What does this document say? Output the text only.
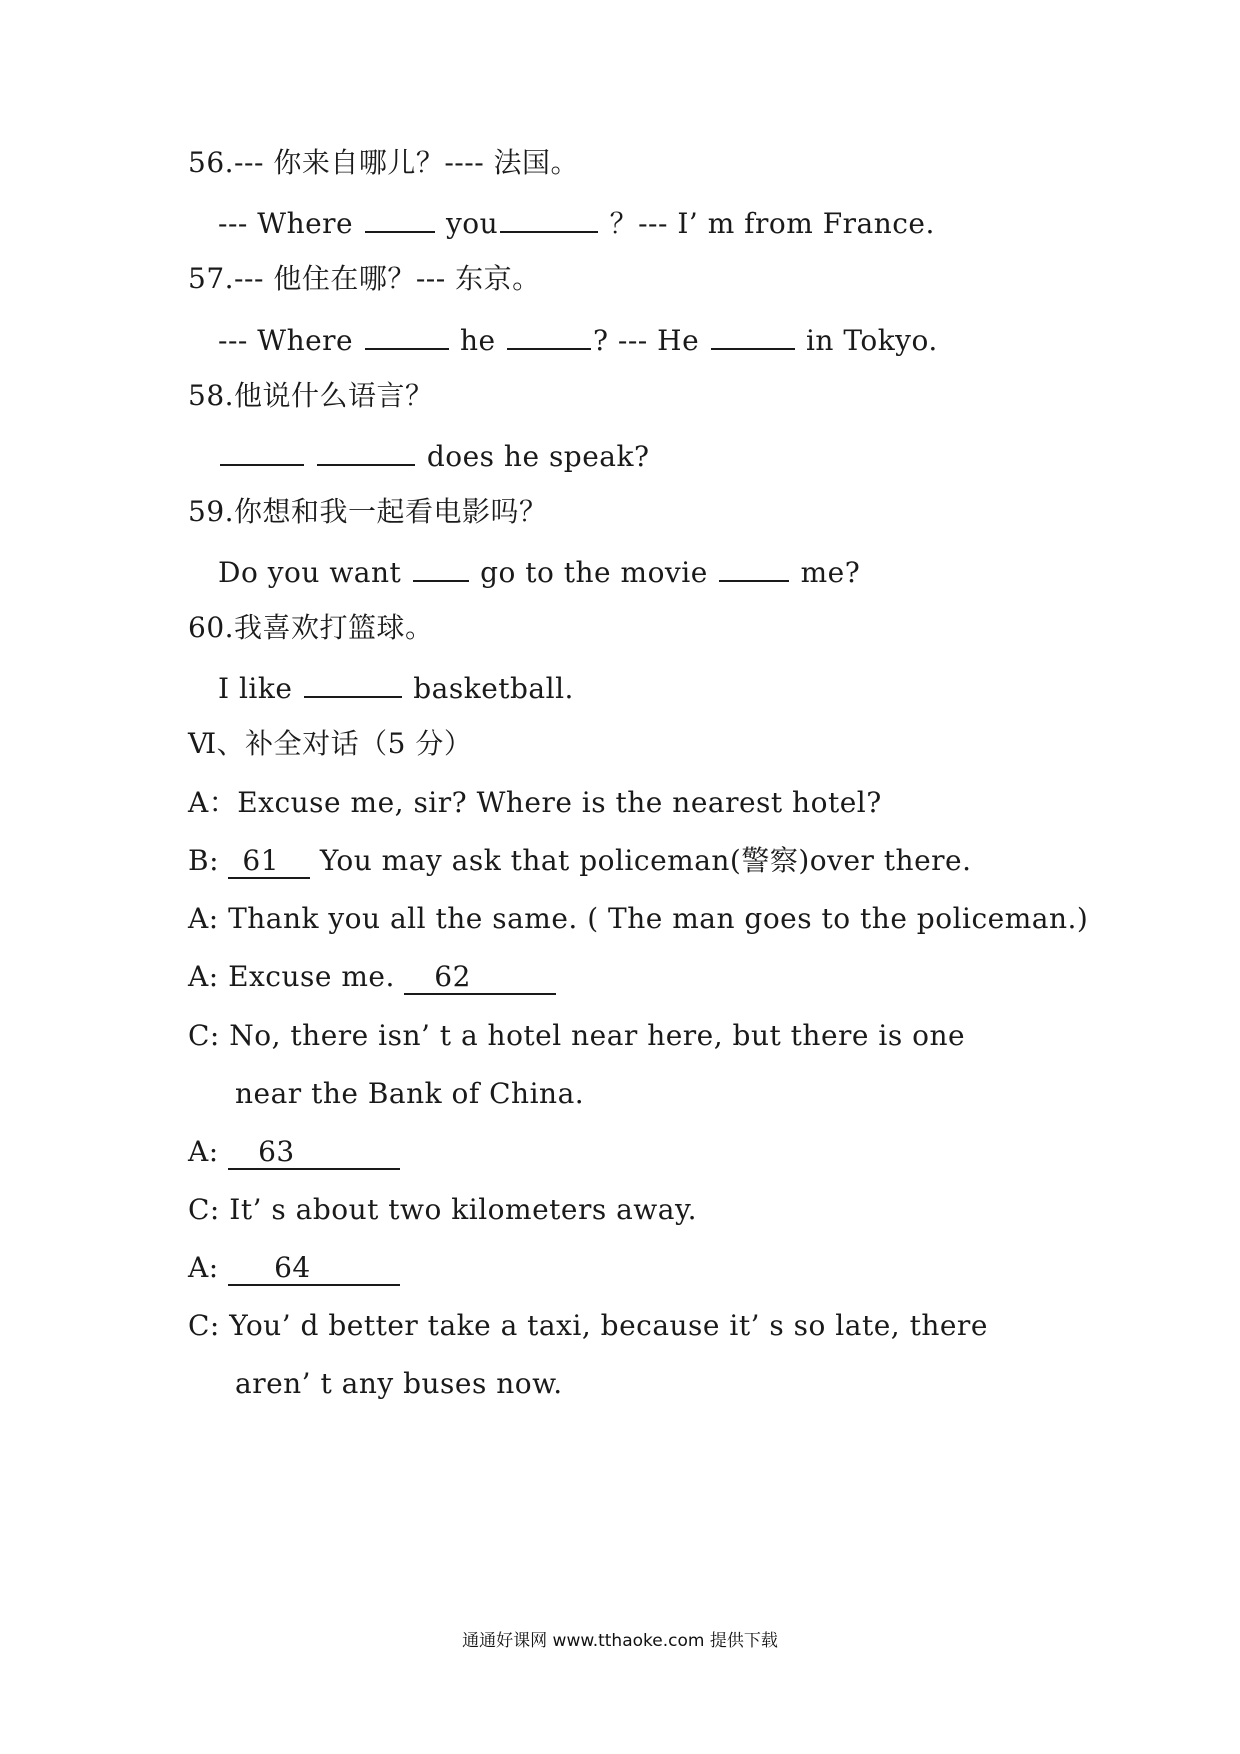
56.--- 你来自哪儿？---- 法国。
--- Where	you	？--- I’ m from France.
57.--- 他住在哪？--- 东京。
--- Where	he	? --- He	in Tokyo.
58.他说什么语言？
does he speak?
59.你想和我一起看电影吗？
Do you want	go to the movie	me?
60.我喜欢打篮球。
I like	basketball.
Ⅵ、补全对话（5 分）
A：Excuse me, sir? Where is the nearest hotel?
B: 61 You may ask that policeman(警察)over there.
A: Thank you all the same. ( The man goes to the policeman.)
A: Excuse me. 62
C: No, there isn’ t a hotel near here, but there is one
near the Bank of China.
A: 63
C: It’ s about two kilometers away.
A: 64
C: You’ d better take a taxi, because it’ s so late, there
aren’ t any buses now.
通通好课网 www.tthaoke.com 提供下载
